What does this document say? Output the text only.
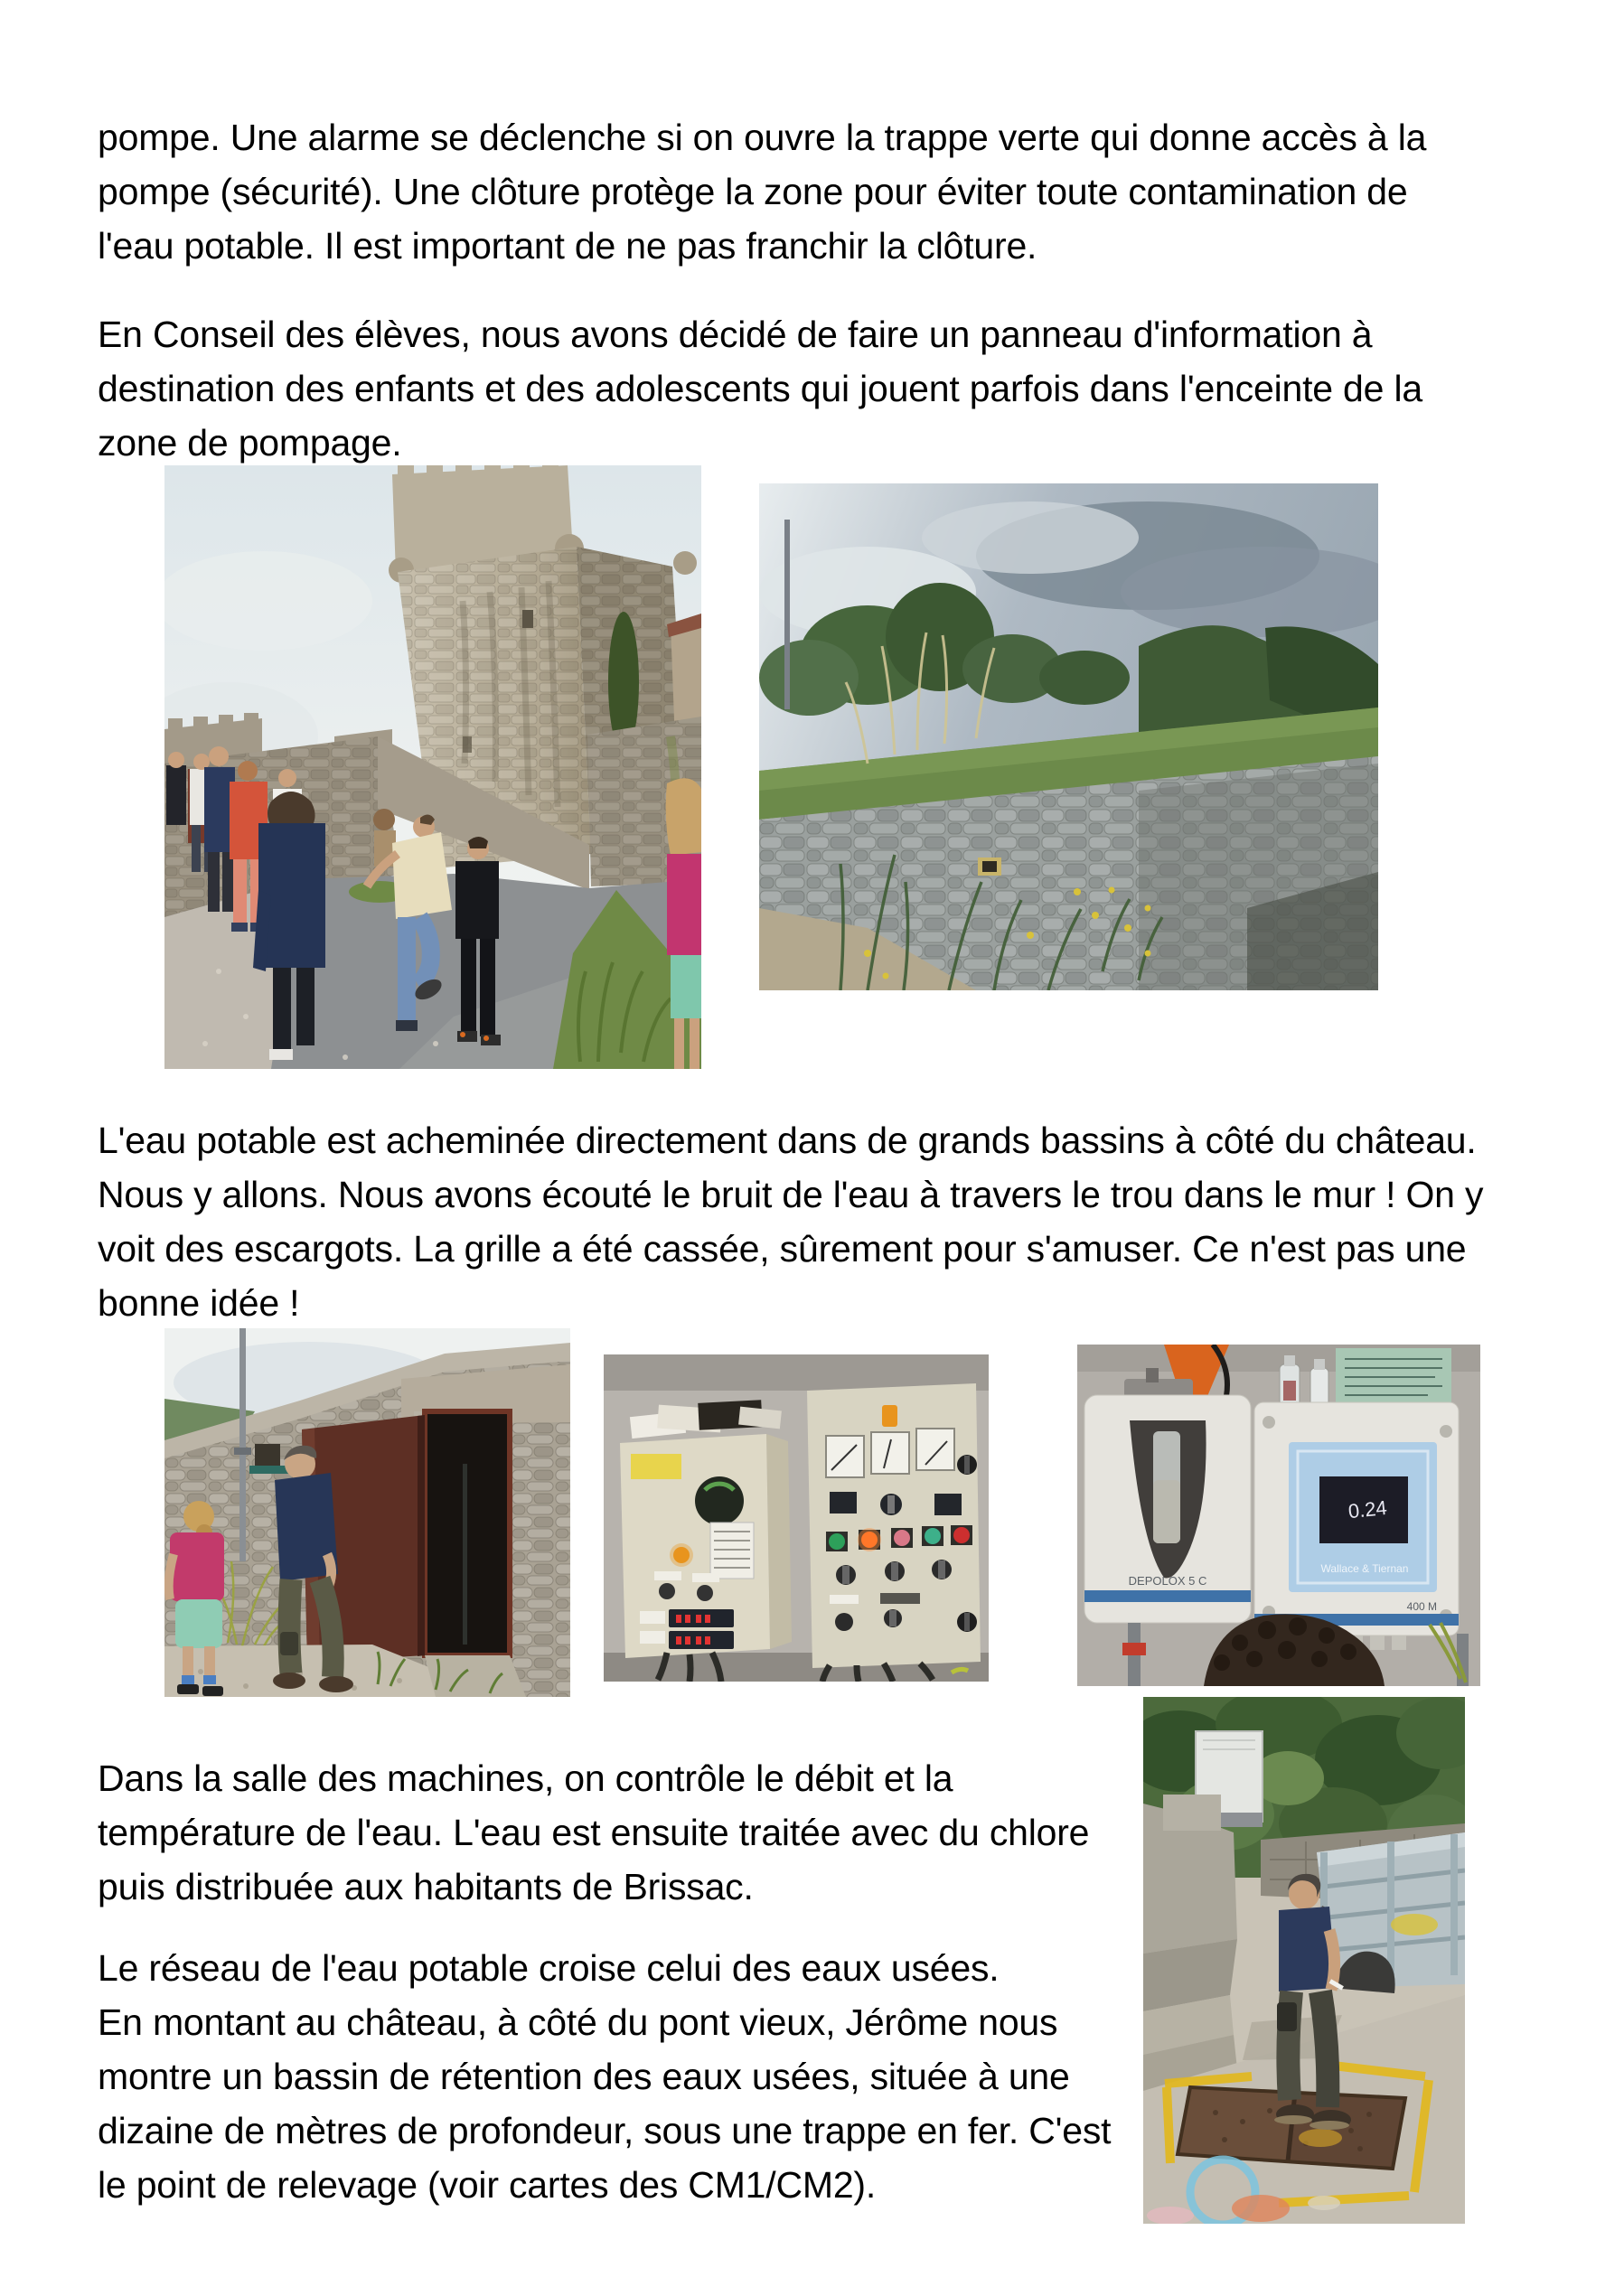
pompe. Une alarme se déclenche si on ouvre la trappe verte qui donne accès à la
pompe (sécurité). Une clôture protège la zone pour éviter toute contamination de
l'eau potable. Il est important de ne pas franchir la clôture.
En Conseil des élèves, nous avons décidé de faire un panneau d'information à
destination des enfants et des adolescents qui jouent parfois dans l'enceinte de la
zone de pompage.
L'eau potable est acheminée directement dans de grands bassins à côté du château.
Nous y allons. Nous avons écouté le bruit de l'eau à travers le trou dans le mur ! On y
voit des escargots. La grille a été cassée, sûrement pour s'amuser. Ce n'est pas une
bonne idée !
DEPOLOX 5 C
0.24
Wallace & Tiernan
400 M
Dans la salle des machines, on contrôle le débit et la
température de l'eau. L'eau est ensuite traitée avec du chlore
puis distribuée aux habitants de Brissac.
Le réseau de l'eau potable croise celui des eaux usées.
En montant au château, à côté du pont vieux, Jérôme nous
montre un bassin de rétention des eaux usées, située à une
dizaine de mètres de profondeur, sous une trappe en fer. C'est
le point de relevage (voir cartes des CM1/CM2).
